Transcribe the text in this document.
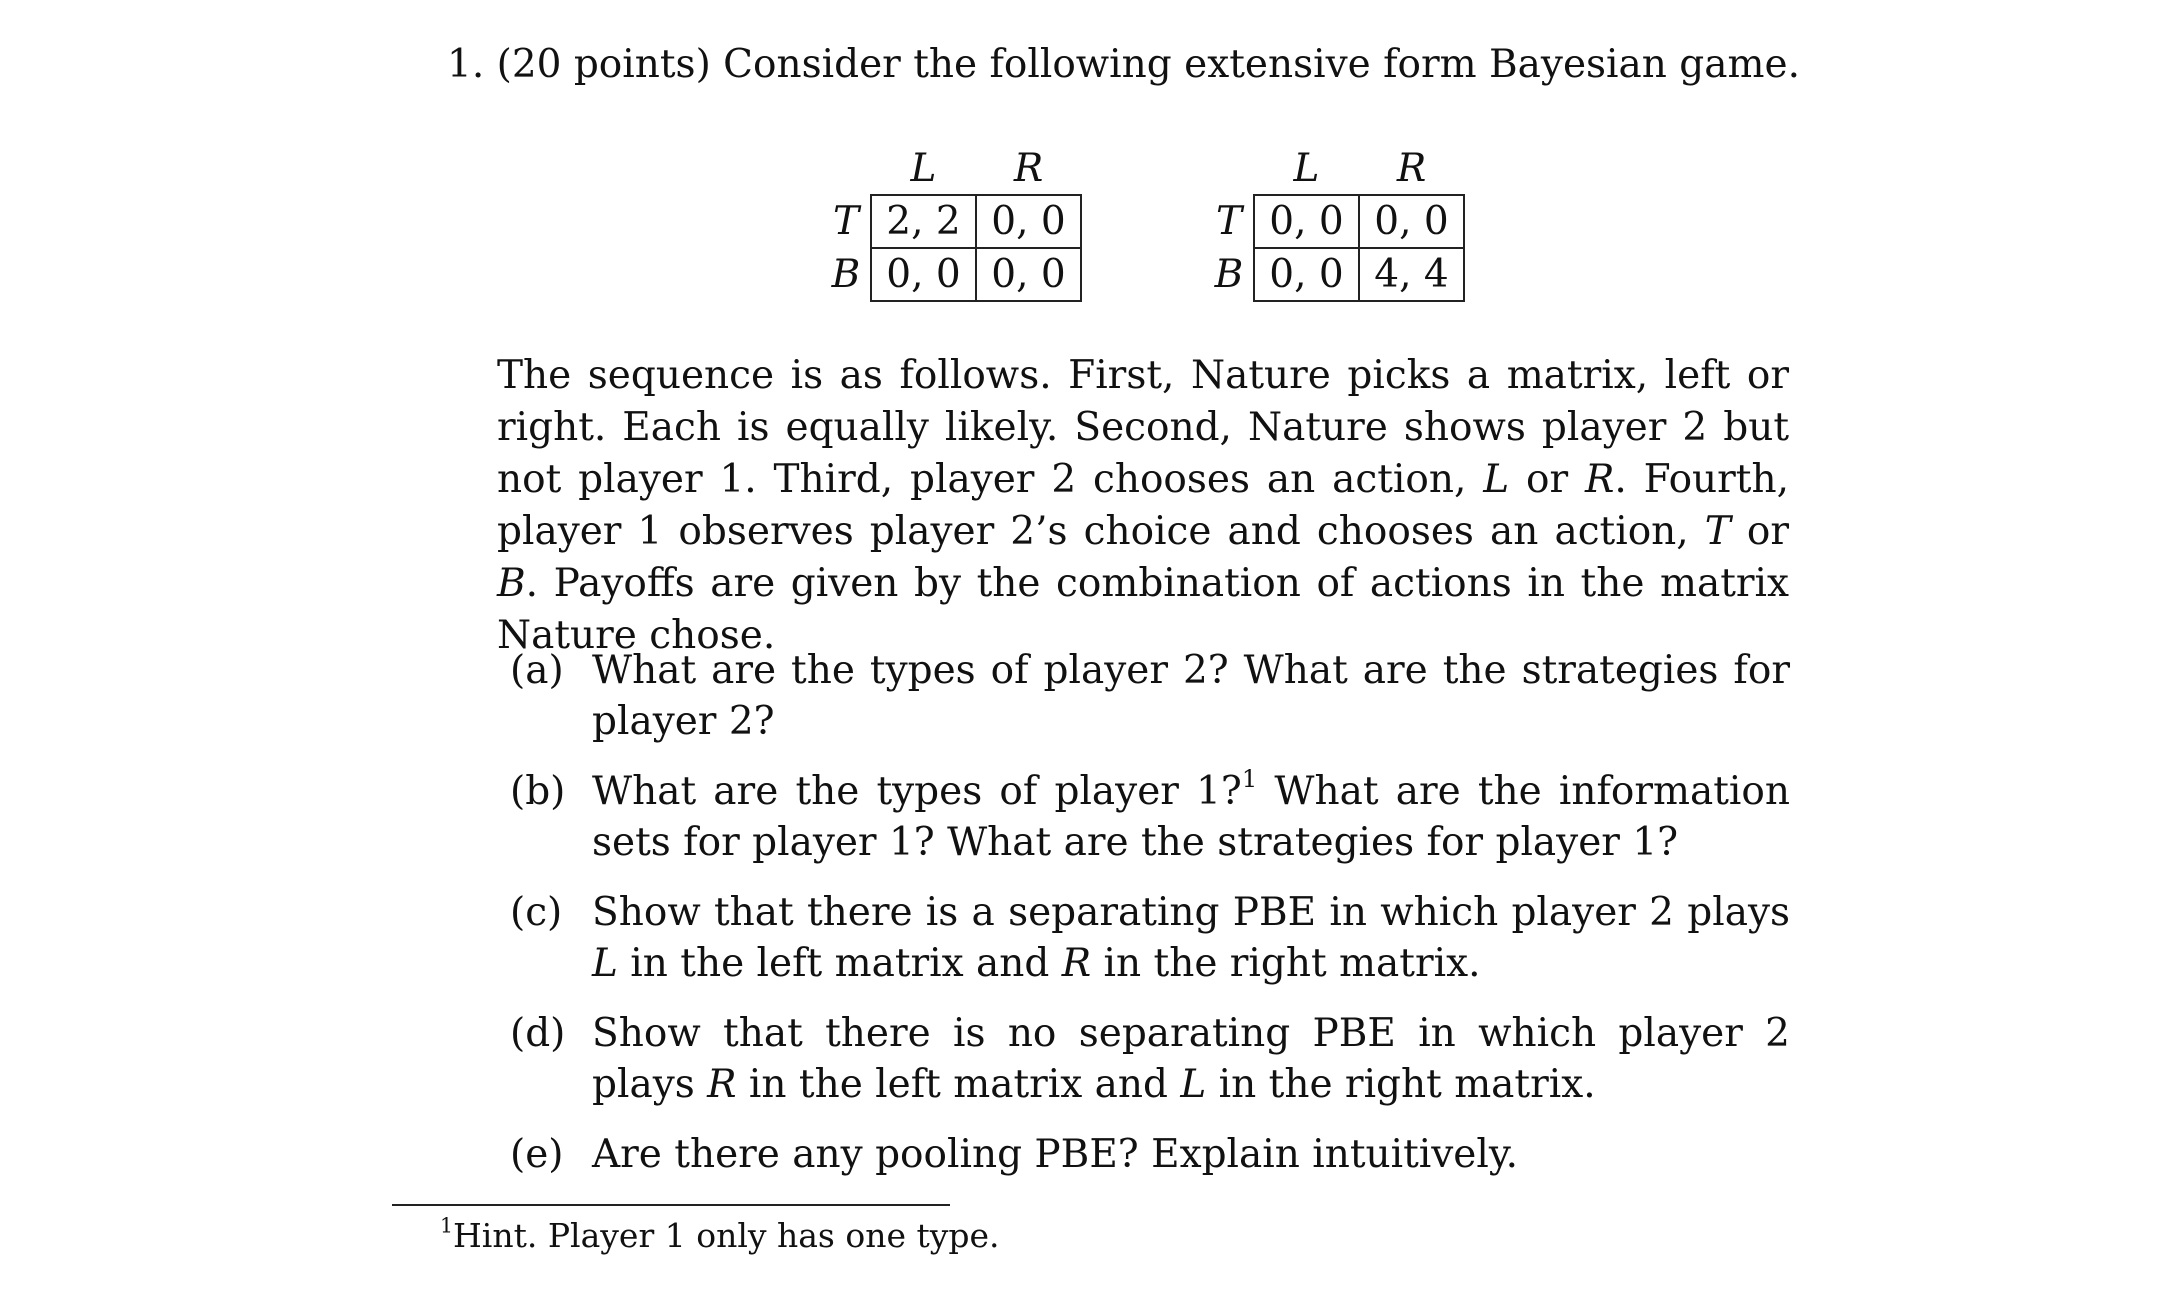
1. (20 points) Consider the following extensive form Bayesian game.
	L	R
T	2, 2	0, 0
B	0, 0	0, 0
	L	R
T	0, 0	0, 0
B	0, 0	4, 4
The sequence is as follows. First, Nature picks a matrix, left or right. Each is equally likely. Second, Nature shows player 2 but not player 1. Third, player 2 chooses an action, L or R. Fourth, player 1 observes player 2’s choice and chooses an action, T or B. Payoffs are given by the combination of actions in the matrix Nature chose.
(a) What are the types of player 2? What are the strategies for player 2?
(b) What are the types of player 1?$^1$ What are the information sets for player 1? What are the strategies for player 1?
(c) Show that there is a separating PBE in which player 2 plays L in the left matrix and R in the right matrix.
(d) Show that there is no separating PBE in which player 2 plays R in the left matrix and L in the right matrix.
(e) Are there any pooling PBE? Explain intuitively.
$^1$Hint. Player 1 only has one type.
